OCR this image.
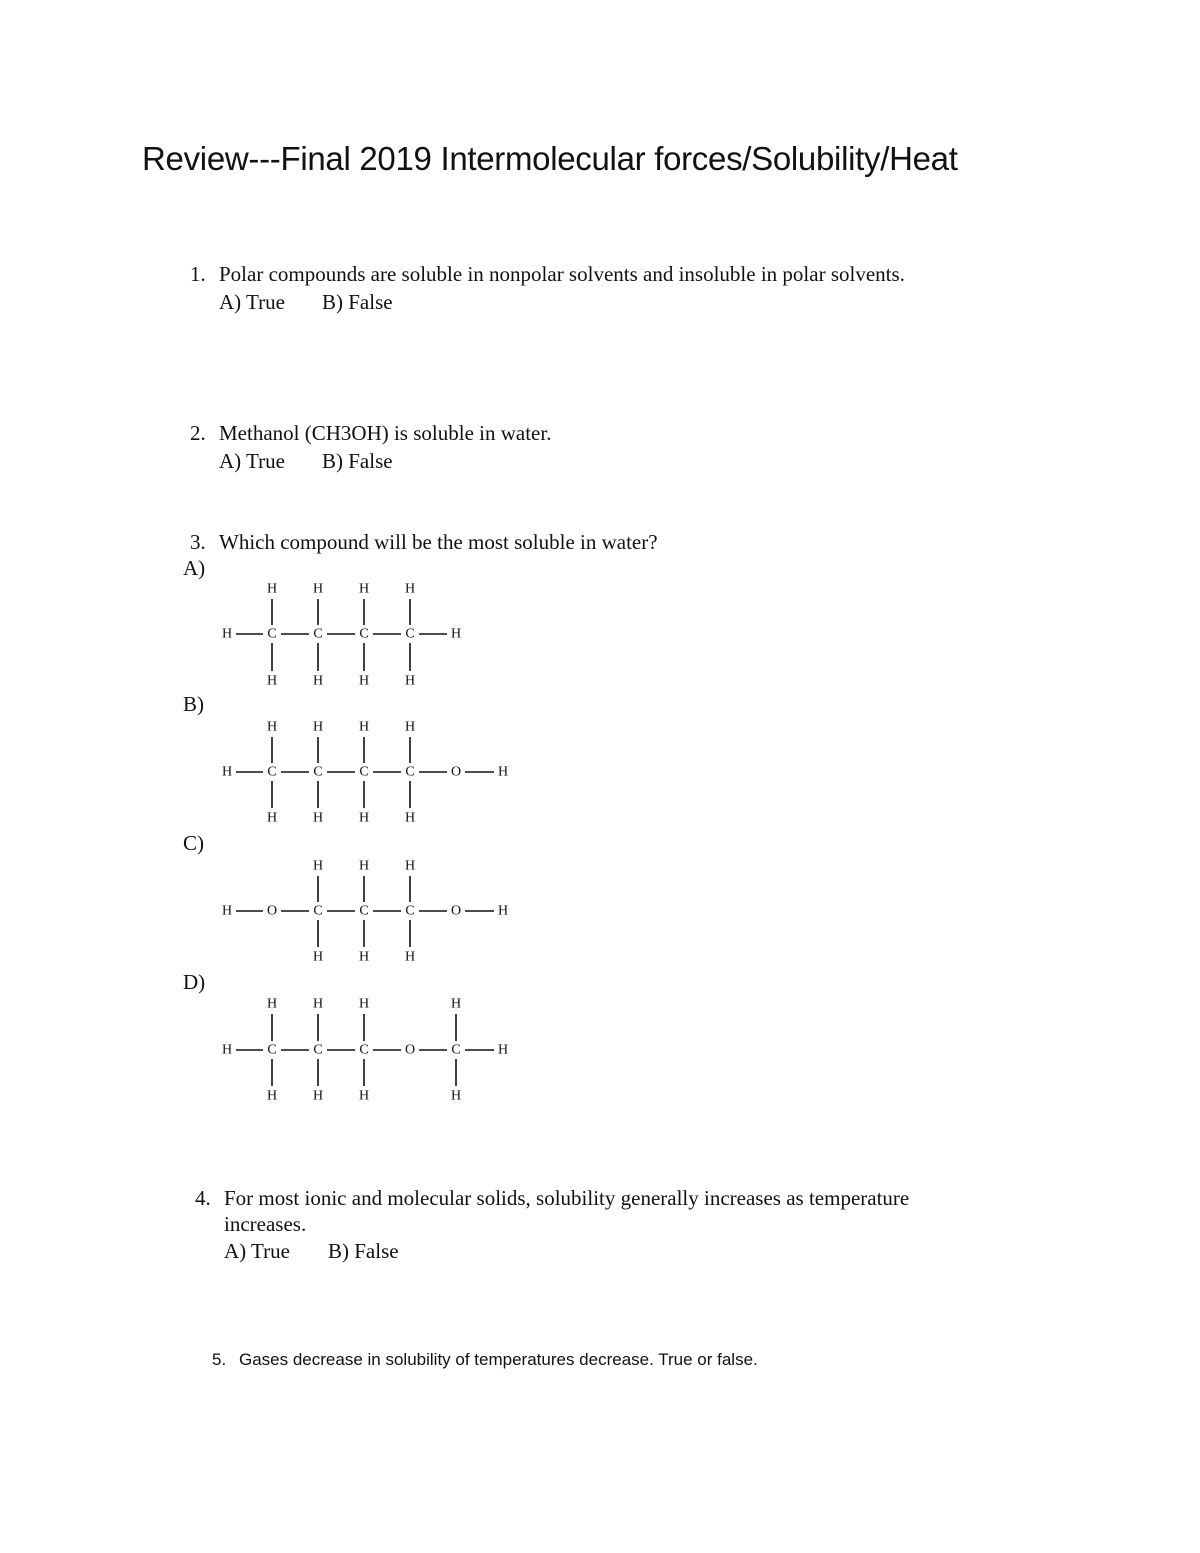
Review---Final 2019 Intermolecular forces/Solubility/Heat
1. Polar compounds are soluble in nonpolar solvents and insoluble in polar solvents.
A) True B) False
2. Methanol (CH3OH) is soluble in water.
A) True B) False
3. Which compound will be the most soluble in water?
A)
H	C	C	C	C	H
H	H	H	H
H	H	H	H
B)
H	C	C	C	C	O	H
H	H	H	H
H	H	H	H
C)
H O	C	C	C	O	H
H	H	H
H	H	H
D)
H	C	C	C	O	C	H
H	H	H	H
H	H	H	H
4. For most ionic and molecular solids, solubility generally increases as temperature
increases.
A) True B) False
5. Gases decrease in solubility of temperatures decrease. True or false.
